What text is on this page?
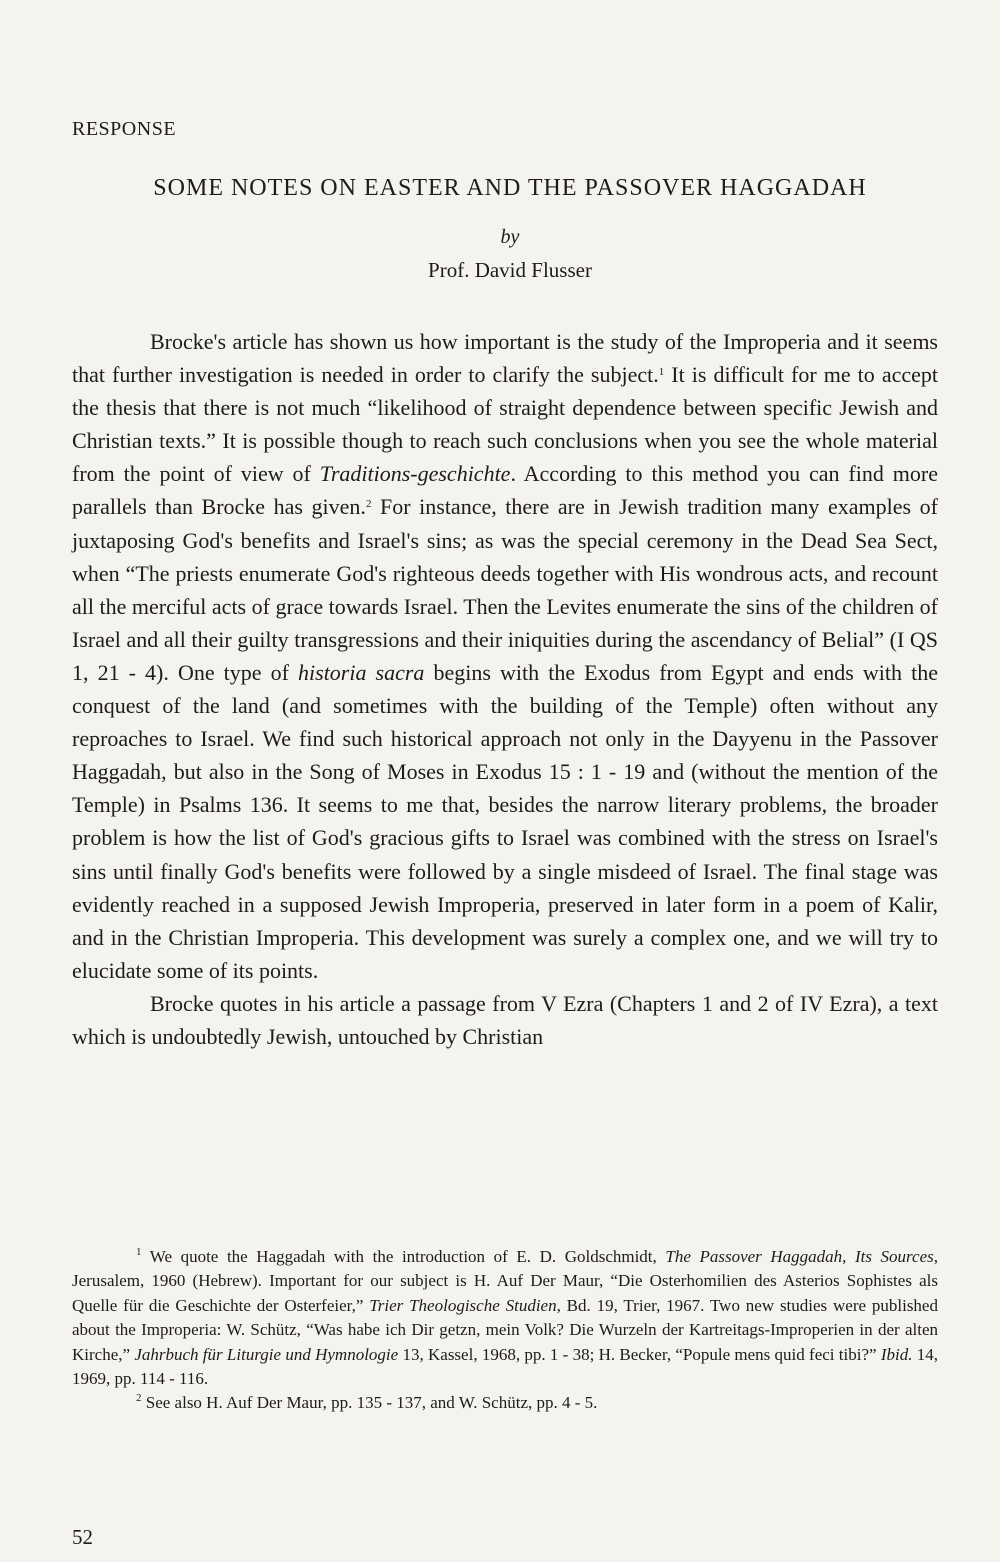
RESPONSE
SOME NOTES ON EASTER AND THE PASSOVER HAGGADAH
by
Prof. David Flusser

Brocke's article has shown us how important is the study of the Improperia and it seems that further investigation is needed in order to clarify the subject.$^1$ It is difficult for me to accept the thesis that there is not much “likelihood of straight dependence between specific Jewish and Christian texts.” It is possible though to reach such conclusions when you see the whole material from the point of view of Traditions-geschichte. According to this method you can find more parallels than Brocke has given.$^2$ For instance, there are in Jewish tradition many examples of juxtaposing God's benefits and Israel's sins; as was the special ceremony in the Dead Sea Sect, when “The priests enumerate God's righteous deeds together with His wondrous acts, and recount all the merciful acts of grace towards Israel. Then the Levites enumerate the sins of the children of Israel and all their guilty transgressions and their iniquities during the ascendancy of Belial” (I QS 1, 21 - 4). One type of historia sacra begins with the Exodus from Egypt and ends with the conquest of the land (and sometimes with the building of the Temple) often without any reproaches to Israel. We find such historical approach not only in the Dayyenu in the Passover Haggadah, but also in the Song of Moses in Exodus 15 : 1 - 19 and (without the mention of the Temple) in Psalms 136. It seems to me that, besides the narrow literary problems, the broader problem is how the list of God's gracious gifts to Israel was combined with the stress on Israel's sins until finally God's benefits were followed by a single misdeed of Israel. The final stage was evidently reached in a supposed Jewish Improperia, preserved in later form in a poem of Kalir, and in the Christian Improperia. This development was surely a complex one, and we will try to elucidate some of its points.

Brocke quotes in his article a passage from V Ezra (Chapters 1 and 2 of IV Ezra), a text which is undoubtedly Jewish, untouched by Christian

$^1$ We quote the Haggadah with the introduction of E. D. Goldschmidt, The Passover Haggadah, Its Sources, Jerusalem, 1960 (Hebrew). Important for our subject is H. Auf Der Maur, “Die Osterhomilien des Asterios Sophistes als Quelle für die Geschichte der Osterfeier,” Trier Theologische Studien, Bd. 19, Trier, 1967. Two new studies were published about the Improperia: W. Schütz, “Was habe ich Dir getzn, mein Volk? Die Wurzeln der Kartreitags-Improperien in der alten Kirche,” Jahrbuch für Liturgie und Hymnologie 13, Kassel, 1968, pp. 1 - 38; H. Becker, “Popule mens quid feci tibi?” Ibid. 14, 1969, pp. 114 - 116.

$^2$ See also H. Auf Der Maur, pp. 135 - 137, and W. Schütz, pp. 4 - 5.

52
